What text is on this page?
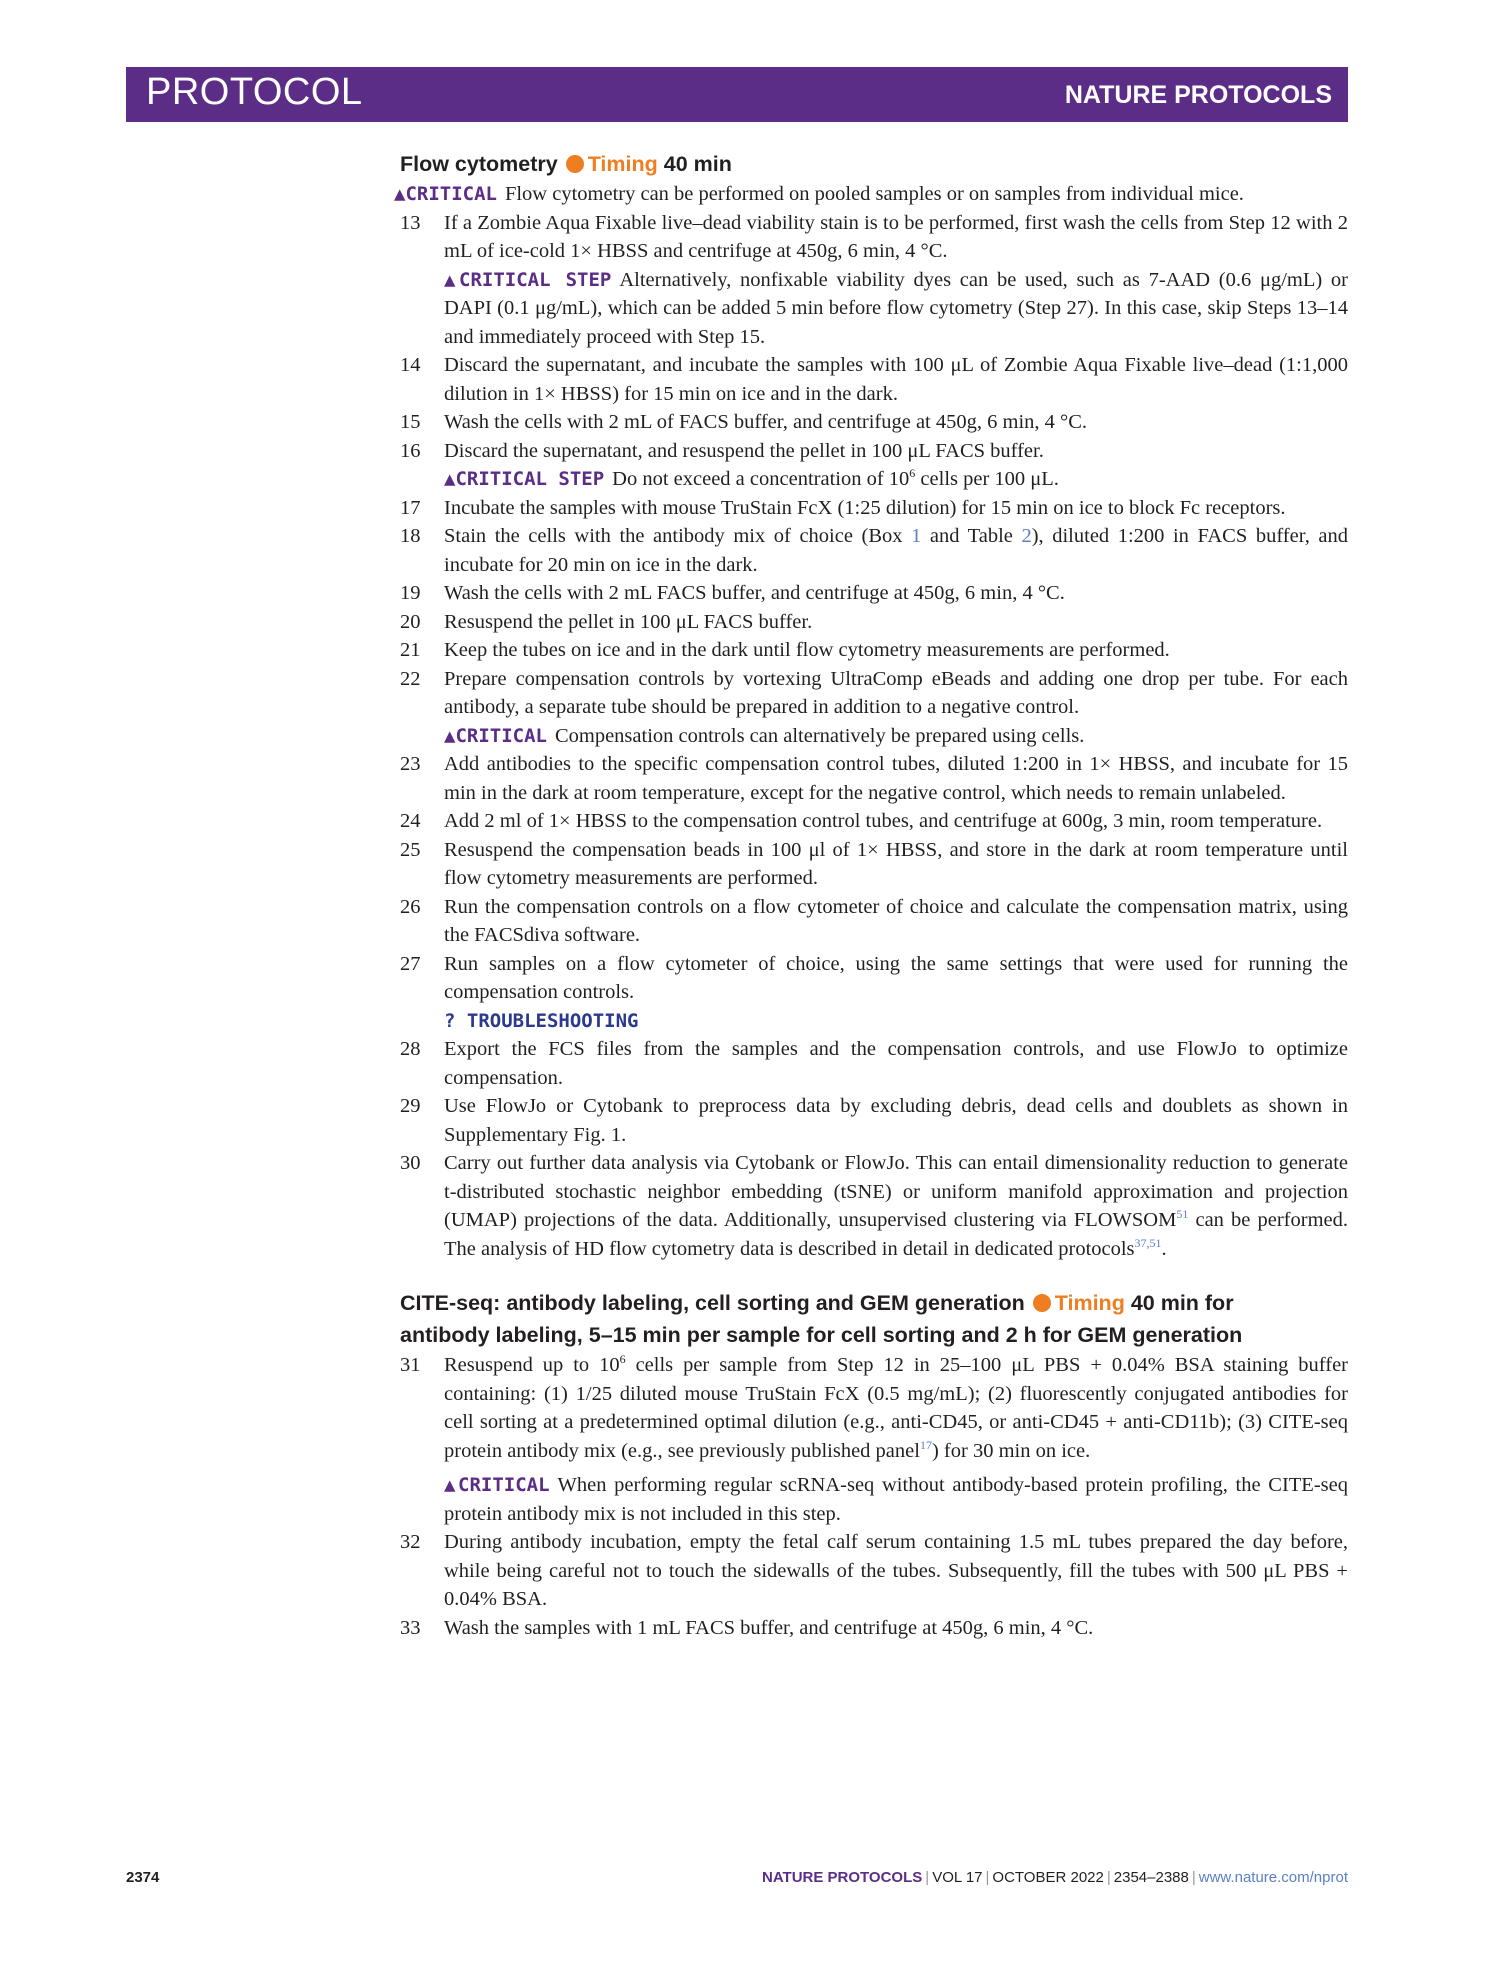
PROTOCOL	NATURE PROTOCOLS
Flow cytometry Timing 40 min

▲CRITICAL Flow cytometry can be performed on pooled samples or on samples from individual mice.

13 If a Zombie Aqua Fixable live–dead viability stain is to be performed, first wash the cells from Step 12 with 2 mL of ice-cold 1× HBSS and centrifuge at 450g, 6 min, 4 °C.

▲CRITICAL STEP Alternatively, nonfixable viability dyes can be used, such as 7-AAD (0.6 μg/mL) or DAPI (0.1 μg/mL), which can be added 5 min before flow cytometry (Step 27). In this case, skip Steps 13–14 and immediately proceed with Step 15.

14 Discard the supernatant, and incubate the samples with 100 μL of Zombie Aqua Fixable live–dead (1:1,000 dilution in 1× HBSS) for 15 min on ice and in the dark.

15 Wash the cells with 2 mL of FACS buffer, and centrifuge at 450g, 6 min, 4 °C.

16 Discard the supernatant, and resuspend the pellet in 100 μL FACS buffer.

▲CRITICAL STEP Do not exceed a concentration of $10^6$ cells per 100 μL.

17 Incubate the samples with mouse TruStain FcX (1:25 dilution) for 15 min on ice to block Fc receptors.

18 Stain the cells with the antibody mix of choice (Box 1 and Table 2), diluted 1:200 in FACS buffer, and incubate for 20 min on ice in the dark.

19 Wash the cells with 2 mL FACS buffer, and centrifuge at 450g, 6 min, 4 °C.

20 Resuspend the pellet in 100 μL FACS buffer.

21 Keep the tubes on ice and in the dark until flow cytometry measurements are performed.

22 Prepare compensation controls by vortexing UltraComp eBeads and adding one drop per tube. For each antibody, a separate tube should be prepared in addition to a negative control.

▲CRITICAL Compensation controls can alternatively be prepared using cells.

23 Add antibodies to the specific compensation control tubes, diluted 1:200 in 1× HBSS, and incubate for 15 min in the dark at room temperature, except for the negative control, which needs to remain unlabeled.

24 Add 2 ml of 1× HBSS to the compensation control tubes, and centrifuge at 600g, 3 min, room temperature.

25 Resuspend the compensation beads in 100 μl of 1× HBSS, and store in the dark at room temperature until flow cytometry measurements are performed.

26 Run the compensation controls on a flow cytometer of choice and calculate the compensation matrix, using the FACSdiva software.

27 Run samples on a flow cytometer of choice, using the same settings that were used for running the compensation controls.

? TROUBLESHOOTING

28 Export the FCS files from the samples and the compensation controls, and use FlowJo to optimize compensation.

29 Use FlowJo or Cytobank to preprocess data by excluding debris, dead cells and doublets as shown in Supplementary Fig. 1.

30 Carry out further data analysis via Cytobank or FlowJo. This can entail dimensionality reduction to generate t-distributed stochastic neighbor embedding (tSNE) or uniform manifold approximation and projection (UMAP) projections of the data. Additionally, unsupervised clustering via FLOWSOM$^{51}$ can be performed. The analysis of HD flow cytometry data is described in detail in dedicated protocols$^{37,51}$.

CITE-seq: antibody labeling, cell sorting and GEM generation Timing 40 min for
antibody labeling, 5–15 min per sample for cell sorting and 2 h for GEM generation
31 Resuspend up to $10^6$ cells per sample from Step 12 in 25–100 μL PBS + 0.04% BSA staining buffer containing: (1) 1/25 diluted mouse TruStain FcX (0.5 mg/mL); (2) fluorescently conjugated antibodies for cell sorting at a predetermined optimal dilution (e.g., anti-CD45, or anti-CD45 + anti-CD11b); (3) CITE-seq protein antibody mix (e.g., see previously published panel$^{17}$) for 30 min on ice.

▲CRITICAL When performing regular scRNA-seq without antibody-based protein profiling, the CITE-seq protein antibody mix is not included in this step.

32 During antibody incubation, empty the fetal calf serum containing 1.5 mL tubes prepared the day before, while being careful not to touch the sidewalls of the tubes. Subsequently, fill the tubes with 500 μL PBS + 0.04% BSA.

33 Wash the samples with 1 mL FACS buffer, and centrifuge at 450g, 6 min, 4 °C.

2374	NATURE PROTOCOLS | VOL 17 | OCTOBER 2022 | 2354–2388 | www.nature.com/nprot
